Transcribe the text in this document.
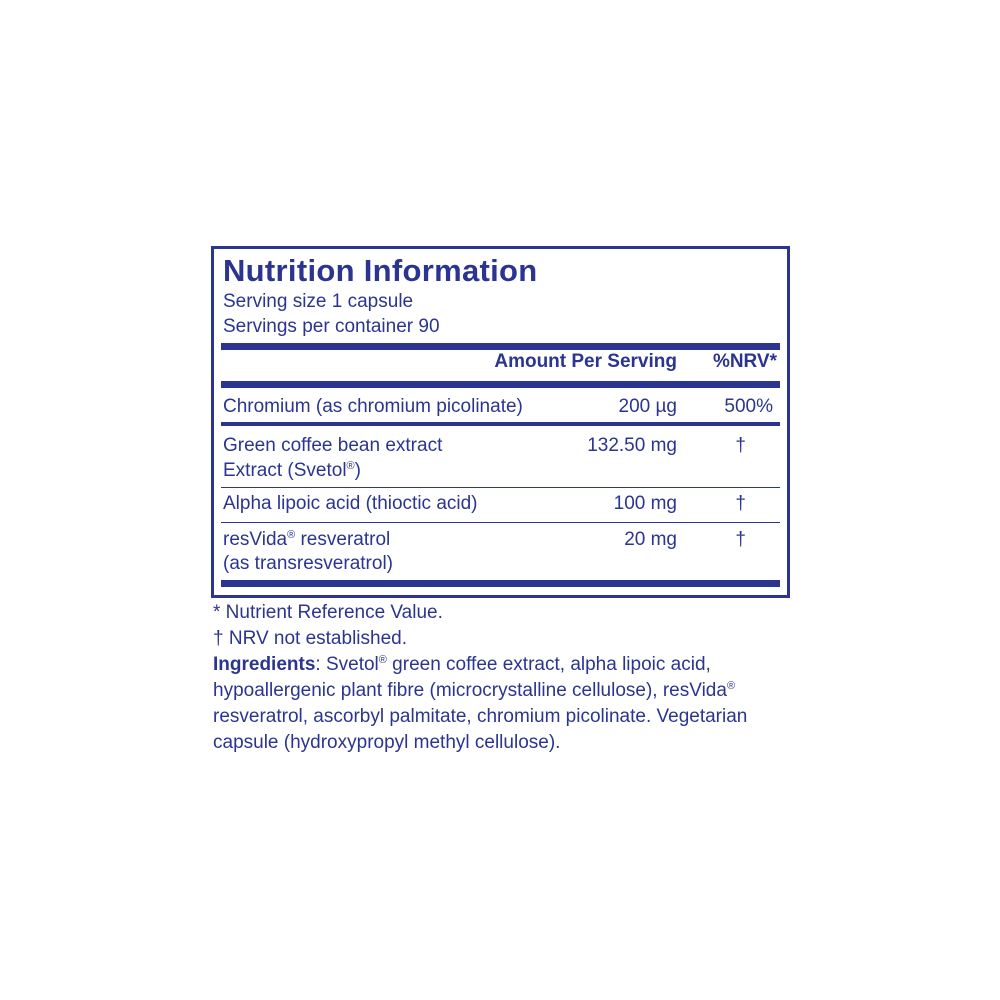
Nutrition Information
Serving size 1 capsule
Servings per container 90
Amount Per Serving %NRV*
Chromium (as chromium picolinate)	200 µg 500%
Green coffee bean extract
Extract (Svetol®)
132.50 mg	†
Alpha lipoic acid (thioctic acid)	100 mg	†
resVida® resveratrol
(as transresveratrol)
20 mg	†
* Nutrient Reference Value.
† NRV not established.
Ingredients: Svetol® green coffee extract, alpha lipoic acid,
hypoallergenic plant fibre (microcrystalline cellulose), resVida®
resveratrol, ascorbyl palmitate, chromium picolinate. Vegetarian
capsule (hydroxypropyl methyl cellulose).
